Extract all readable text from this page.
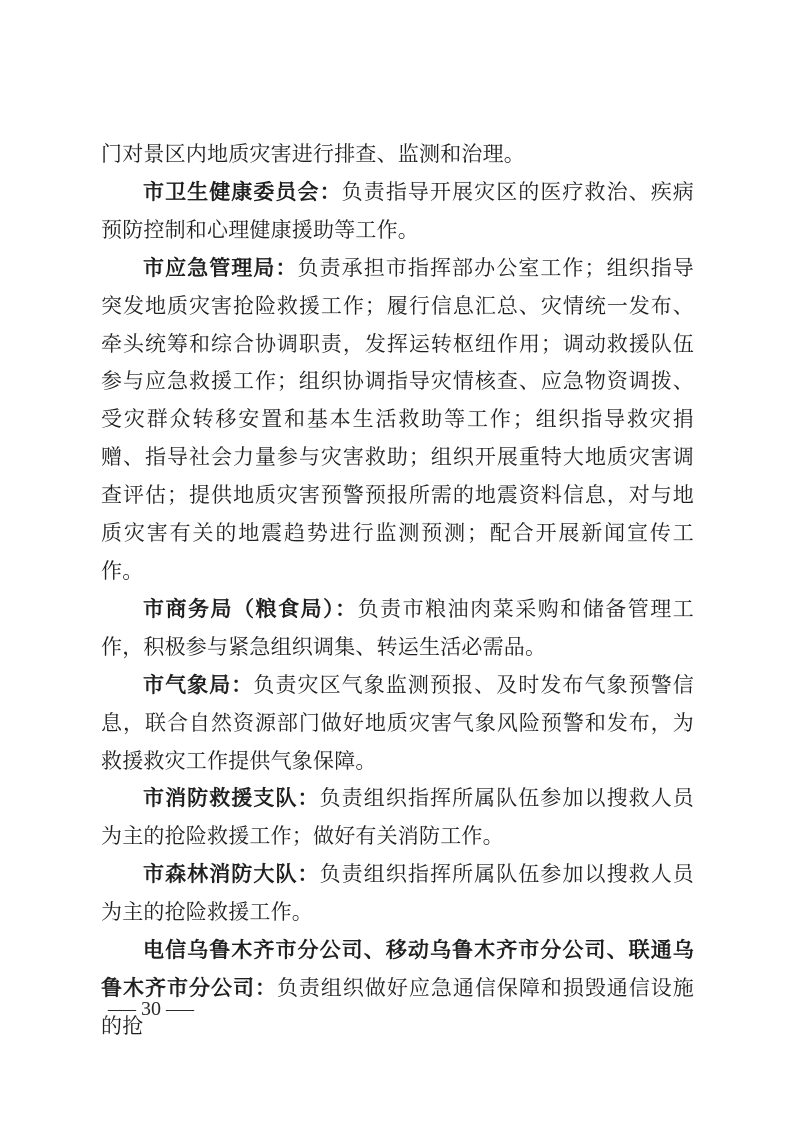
门对景区内地质灾害进行排查、监测和治理。

市卫生健康委员会：负责指导开展灾区的医疗救治、疾病预防控制和心理健康援助等工作。

市应急管理局：负责承担市指挥部办公室工作；组织指导突发地质灾害抢险救援工作；履行信息汇总、灾情统一发布、牵头统筹和综合协调职责，发挥运转枢纽作用；调动救援队伍参与应急救援工作；组织协调指导灾情核查、应急物资调拨、受灾群众转移安置和基本生活救助等工作；组织指导救灾捐赠、指导社会力量参与灾害救助；组织开展重特大地质灾害调查评估；提供地质灾害预警预报所需的地震资料信息，对与地质灾害有关的地震趋势进行监测预测；配合开展新闻宣传工作。

市商务局（粮食局）：负责市粮油肉菜采购和储备管理工作，积极参与紧急组织调集、转运生活必需品。

市气象局：负责灾区气象监测预报、及时发布气象预警信息，联合自然资源部门做好地质灾害气象风险预警和发布，为救援救灾工作提供气象保障。

市消防救援支队：负责组织指挥所属队伍参加以搜救人员为主的抢险救援工作；做好有关消防工作。

市森林消防大队：负责组织指挥所属队伍参加以搜救人员为主的抢险救援工作。

电信乌鲁木齐市分公司、移动乌鲁木齐市分公司、联通乌鲁木齐市分公司：负责组织做好应急通信保障和损毁通信设施的抢

— 30 —
